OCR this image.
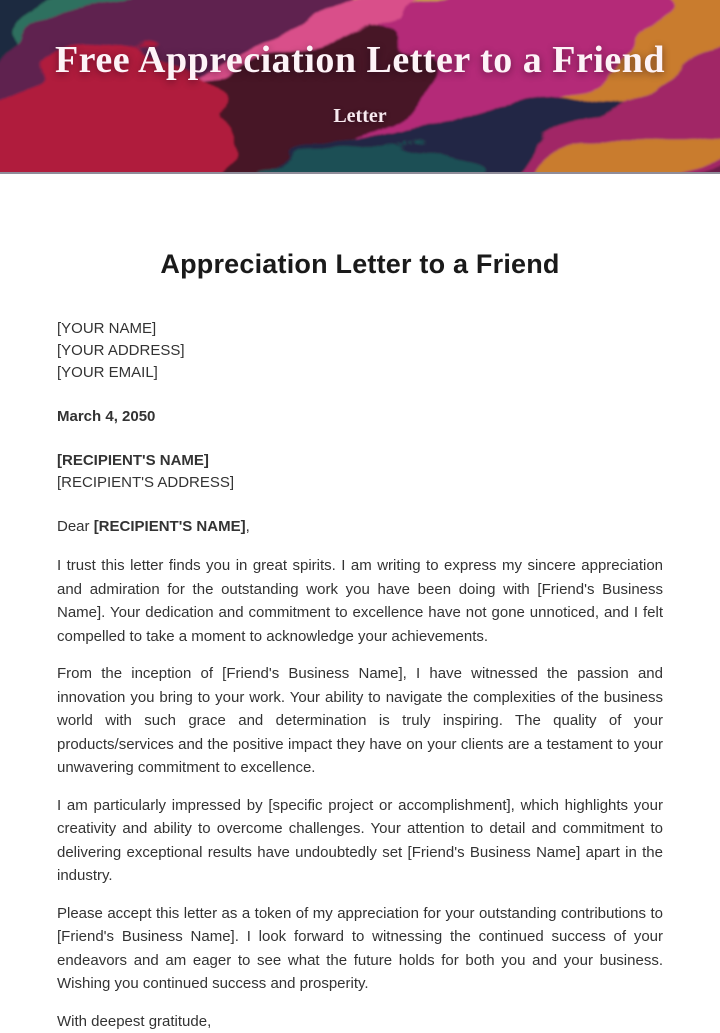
Free Appreciation Letter to a Friend
Letter
Appreciation Letter to a Friend
[YOUR NAME]
[YOUR ADDRESS]
[YOUR EMAIL]
March 4, 2050
[RECIPIENT'S NAME]
[RECIPIENT'S ADDRESS]
Dear [RECIPIENT'S NAME],

I trust this letter finds you in great spirits. I am writing to express my sincere appreciation and admiration for the outstanding work you have been doing with [Friend's Business Name]. Your dedication and commitment to excellence have not gone unnoticed, and I felt compelled to take a moment to acknowledge your achievements.

From the inception of [Friend's Business Name], I have witnessed the passion and innovation you bring to your work. Your ability to navigate the complexities of the business world with such grace and determination is truly inspiring. The quality of your products/services and the positive impact they have on your clients are a testament to your unwavering commitment to excellence.

I am particularly impressed by [specific project or accomplishment], which highlights your creativity and ability to overcome challenges. Your attention to detail and commitment to delivering exceptional results have undoubtedly set [Friend's Business Name] apart in the industry.

Please accept this letter as a token of my appreciation for your outstanding contributions to [Friend's Business Name]. I look forward to witnessing the continued success of your endeavors and am eager to see what the future holds for both you and your business. Wishing you continued success and prosperity.

With deepest gratitude,
